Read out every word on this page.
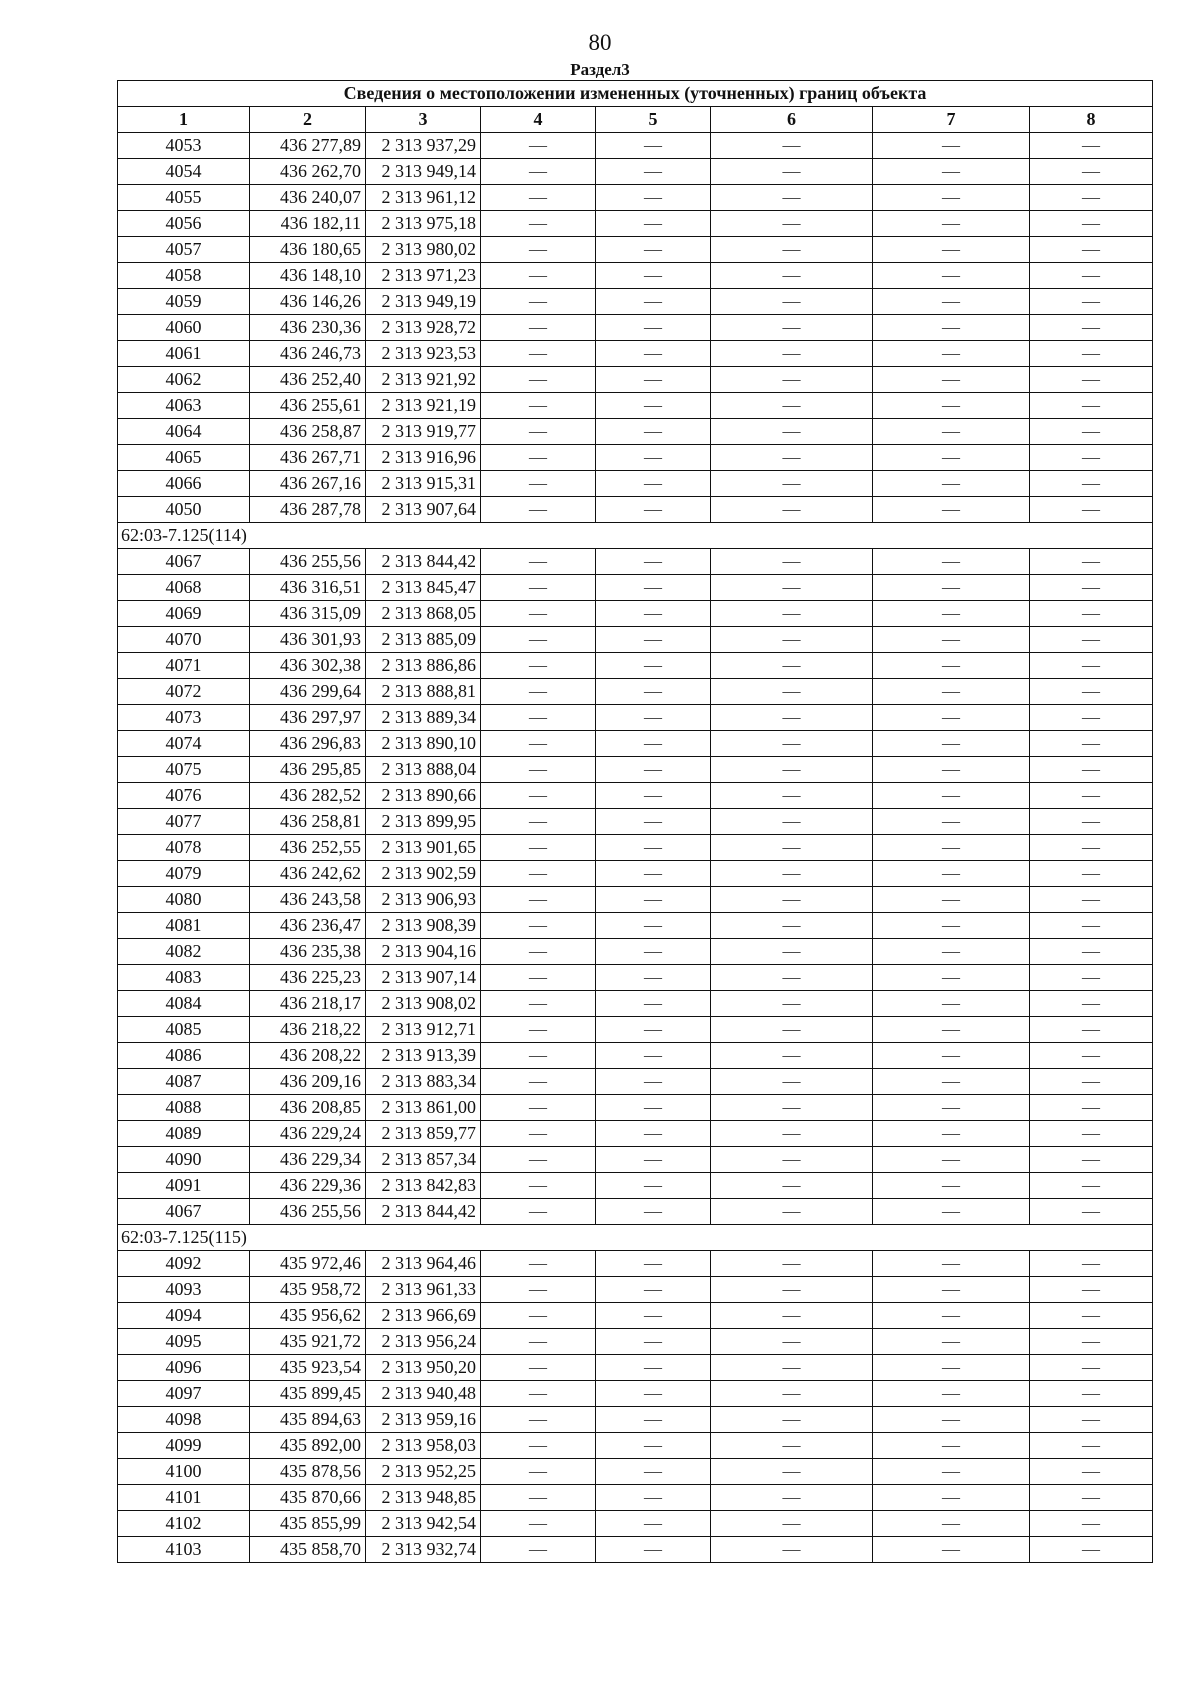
80
Раздел3
Сведения о местоположении измененных (уточненных) границ объекта							
1	2	3	4	5	6	7	8
4053	436 277,89	2 313 937,29	—	—	—	—	—
4054	436 262,70	2 313 949,14	—	—	—	—	—
4055	436 240,07	2 313 961,12	—	—	—	—	—
4056	436 182,11	2 313 975,18	—	—	—	—	—
4057	436 180,65	2 313 980,02	—	—	—	—	—
4058	436 148,10	2 313 971,23	—	—	—	—	—
4059	436 146,26	2 313 949,19	—	—	—	—	—
4060	436 230,36	2 313 928,72	—	—	—	—	—
4061	436 246,73	2 313 923,53	—	—	—	—	—
4062	436 252,40	2 313 921,92	—	—	—	—	—
4063	436 255,61	2 313 921,19	—	—	—	—	—
4064	436 258,87	2 313 919,77	—	—	—	—	—
4065	436 267,71	2 313 916,96	—	—	—	—	—
4066	436 267,16	2 313 915,31	—	—	—	—	—
4050	436 287,78	2 313 907,64	—	—	—	—	—
62:03-7.125(114)							
4067	436 255,56	2 313 844,42	—	—	—	—	—
4068	436 316,51	2 313 845,47	—	—	—	—	—
4069	436 315,09	2 313 868,05	—	—	—	—	—
4070	436 301,93	2 313 885,09	—	—	—	—	—
4071	436 302,38	2 313 886,86	—	—	—	—	—
4072	436 299,64	2 313 888,81	—	—	—	—	—
4073	436 297,97	2 313 889,34	—	—	—	—	—
4074	436 296,83	2 313 890,10	—	—	—	—	—
4075	436 295,85	2 313 888,04	—	—	—	—	—
4076	436 282,52	2 313 890,66	—	—	—	—	—
4077	436 258,81	2 313 899,95	—	—	—	—	—
4078	436 252,55	2 313 901,65	—	—	—	—	—
4079	436 242,62	2 313 902,59	—	—	—	—	—
4080	436 243,58	2 313 906,93	—	—	—	—	—
4081	436 236,47	2 313 908,39	—	—	—	—	—
4082	436 235,38	2 313 904,16	—	—	—	—	—
4083	436 225,23	2 313 907,14	—	—	—	—	—
4084	436 218,17	2 313 908,02	—	—	—	—	—
4085	436 218,22	2 313 912,71	—	—	—	—	—
4086	436 208,22	2 313 913,39	—	—	—	—	—
4087	436 209,16	2 313 883,34	—	—	—	—	—
4088	436 208,85	2 313 861,00	—	—	—	—	—
4089	436 229,24	2 313 859,77	—	—	—	—	—
4090	436 229,34	2 313 857,34	—	—	—	—	—
4091	436 229,36	2 313 842,83	—	—	—	—	—
4067	436 255,56	2 313 844,42	—	—	—	—	—
62:03-7.125(115)							
4092	435 972,46	2 313 964,46	—	—	—	—	—
4093	435 958,72	2 313 961,33	—	—	—	—	—
4094	435 956,62	2 313 966,69	—	—	—	—	—
4095	435 921,72	2 313 956,24	—	—	—	—	—
4096	435 923,54	2 313 950,20	—	—	—	—	—
4097	435 899,45	2 313 940,48	—	—	—	—	—
4098	435 894,63	2 313 959,16	—	—	—	—	—
4099	435 892,00	2 313 958,03	—	—	—	—	—
4100	435 878,56	2 313 952,25	—	—	—	—	—
4101	435 870,66	2 313 948,85	—	—	—	—	—
4102	435 855,99	2 313 942,54	—	—	—	—	—
4103	435 858,70	2 313 932,74	—	—	—	—	—
